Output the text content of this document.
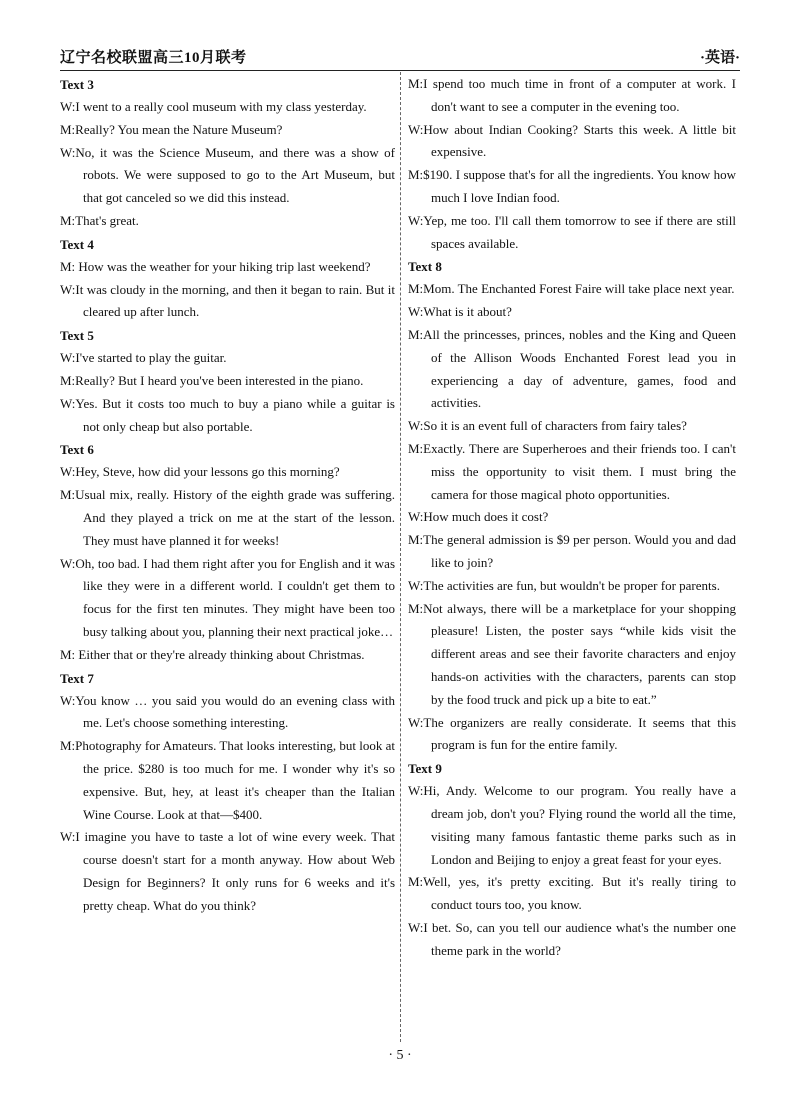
辽宁名校联盟高三10月联考	·英语·

Text 3

W:I went to a really cool museum with my class yesterday.

M:Really? You mean the Nature Museum?

W:No, it was the Science Museum, and there was a show of robots. We were supposed to go to the Art Museum, but that got canceled so we did this instead.

M:That's great.

Text 4

M: How was the weather for your hiking trip last weekend?

W:It was cloudy in the morning, and then it began to rain. But it cleared up after lunch.

Text 5

W:I've started to play the guitar.

M:Really? But I heard you've been interested in the piano.

W:Yes. But it costs too much to buy a piano while a guitar is not only cheap but also portable.

Text 6

W:Hey, Steve, how did your lessons go this morning?

M:Usual mix, really. History of the eighth grade was suffering. And they played a trick on me at the start of the lesson. They must have planned it for weeks!

W:Oh, too bad. I had them right after you for English and it was like they were in a different world. I couldn't get them to focus for the first ten minutes. They might have been too busy talking about you, planning their next practical joke…

M: Either that or they're already thinking about Christmas.

Text 7

W:You know … you said you would do an evening class with me. Let's choose something interesting.

M:Photography for Amateurs. That looks interesting, but look at the price. $280 is too much for me. I wonder why it's so expensive. But, hey, at least it's cheaper than the Italian Wine Course. Look at that—$400.

W:I imagine you have to taste a lot of wine every week. That course doesn't start for a month anyway. How about Web Design for Beginners? It only runs for 6 weeks and it's pretty cheap. What do you think?

M:I spend too much time in front of a computer at work. I don't want to see a computer in the evening too.

W:How about Indian Cooking? Starts this week. A little bit expensive.

M:$190. I suppose that's for all the ingredients. You know how much I love Indian food.

W:Yep, me too. I'll call them tomorrow to see if there are still spaces available.

Text 8

M:Mom. The Enchanted Forest Faire will take place next year.

W:What is it about?

M:All the princesses, princes, nobles and the King and Queen of the Allison Woods Enchanted Forest lead you in experiencing a day of adventure, games, food and activities.

W:So it is an event full of characters from fairy tales?

M:Exactly. There are Superheroes and their friends too. I can't miss the opportunity to visit them. I must bring the camera for those magical photo opportunities.

W:How much does it cost?

M:The general admission is $9 per person. Would you and dad like to join?

W:The activities are fun, but wouldn't be proper for parents.

M:Not always, there will be a marketplace for your shopping pleasure! Listen, the poster says “while kids visit the different areas and see their favorite characters and enjoy hands-on activities with the characters, parents can stop by the food truck and pick up a bite to eat.”

W:The organizers are really considerate. It seems that this program is fun for the entire family.

Text 9

W:Hi, Andy. Welcome to our program. You really have a dream job, don't you? Flying round the world all the time, visiting many famous fantastic theme parks such as in London and Beijing to enjoy a great feast for your eyes.

M:Well, yes, it's pretty exciting. But it's really tiring to conduct tours too, you know.

W:I bet. So, can you tell our audience what's the number one theme park in the world?

· 5 ·
